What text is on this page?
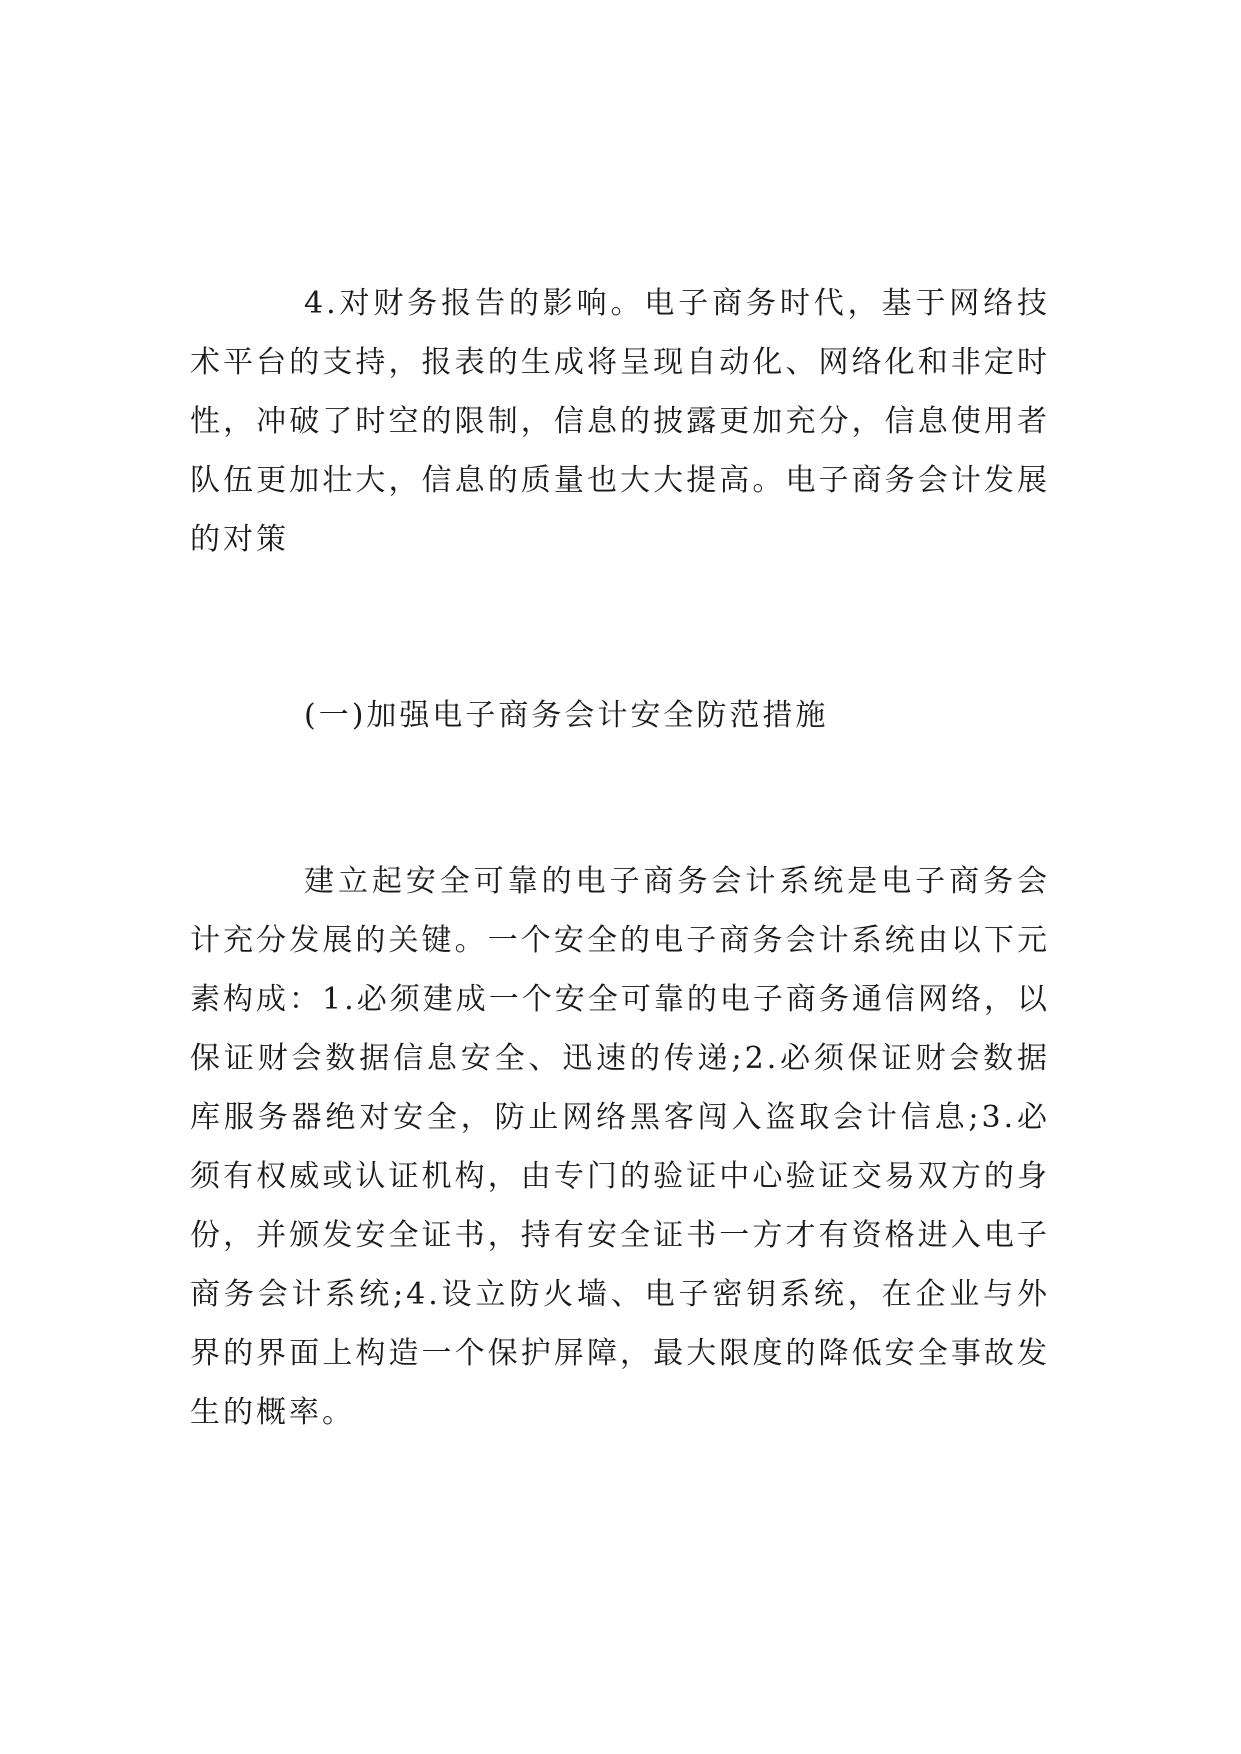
4.对财务报告的影响。电子商务时代，基于网络技术平台的支持，报表的生成将呈现自动化、网络化和非定时性，冲破了时空的限制，信息的披露更加充分，信息使用者队伍更加壮大，信息的质量也大大提高。电子商务会计发展的对策

(一)加强电子商务会计安全防范措施

建立起安全可靠的电子商务会计系统是电子商务会计充分发展的关键。一个安全的电子商务会计系统由以下元素构成：1.必须建成一个安全可靠的电子商务通信网络，以保证财会数据信息安全、迅速的传递;2.必须保证财会数据库服务器绝对安全，防止网络黑客闯入盗取会计信息;3.必须有权威或认证机构，由专门的验证中心验证交易双方的身份，并颁发安全证书，持有安全证书一方才有资格进入电子商务会计系统;4.设立防火墙、电子密钥系统，在企业与外界的界面上构造一个保护屏障，最大限度的降低安全事故发生的概率。
